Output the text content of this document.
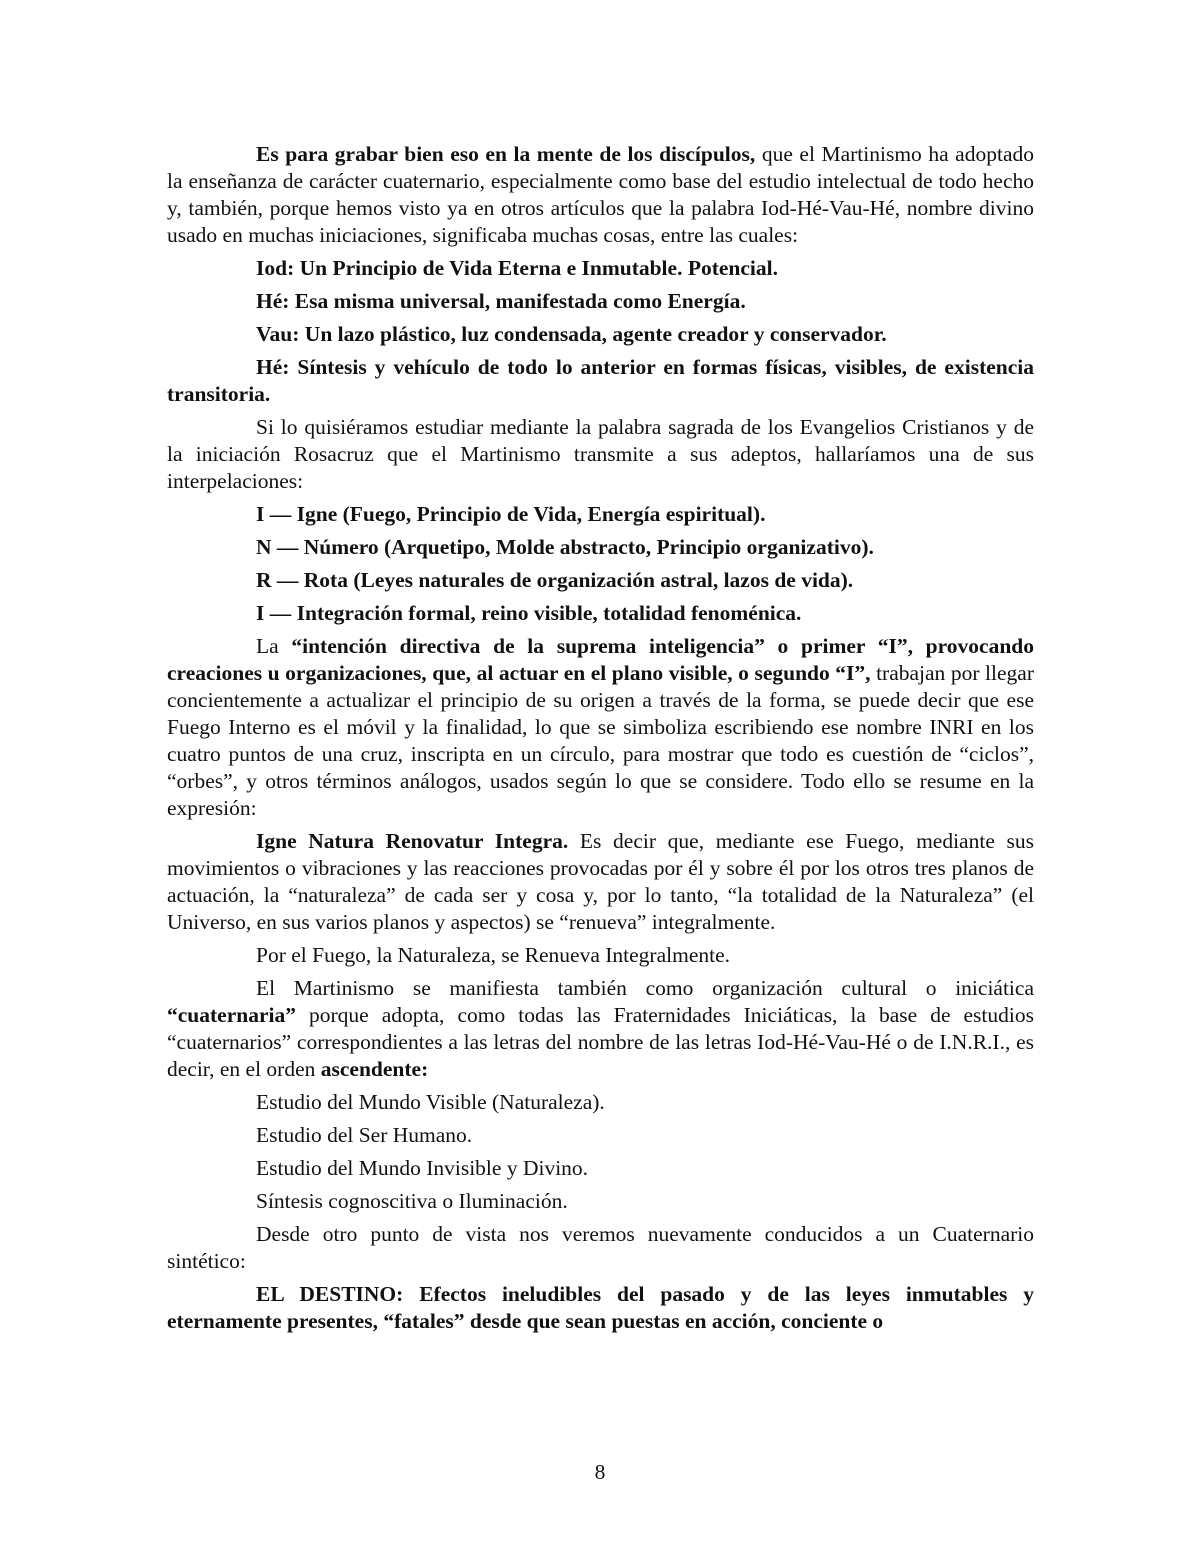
Es para grabar bien eso en la mente de los discípulos, que el Martinismo ha adoptado la enseñanza de carácter cuaternario, especialmente como base del estudio intelectual de todo hecho y, también, porque hemos visto ya en otros artículos que la palabra Iod-Hé-Vau-Hé, nombre divino usado en muchas iniciaciones, significaba muchas cosas, entre las cuales:

Iod: Un Principio de Vida Eterna e Inmutable. Potencial.

Hé: Esa misma universal, manifestada como Energía.

Vau: Un lazo plástico, luz condensada, agente creador y conservador.

Hé: Síntesis y vehículo de todo lo anterior en formas físicas, visibles, de existencia transitoria.

Si lo quisiéramos estudiar mediante la palabra sagrada de los Evangelios Cristianos y de la iniciación Rosacruz que el Martinismo transmite a sus adeptos, hallaríamos una de sus interpelaciones:

I — Igne (Fuego, Principio de Vida, Energía espiritual).

N — Número (Arquetipo, Molde abstracto, Principio organizativo).

R — Rota (Leyes naturales de organización astral, lazos de vida).

I — Integración formal, reino visible, totalidad fenoménica.

La “intención directiva de la suprema inteligencia” o primer “I”, provocando creaciones u organizaciones, que, al actuar en el plano visible, o segundo “I”, trabajan por llegar concientemente a actualizar el principio de su origen a través de la forma, se puede decir que ese Fuego Interno es el móvil y la finalidad, lo que se simboliza escribiendo ese nombre INRI en los cuatro puntos de una cruz, inscripta en un círculo, para mostrar que todo es cuestión de “ciclos”, “orbes”, y otros términos análogos, usados según lo que se considere. Todo ello se resume en la expresión:

Igne Natura Renovatur Integra. Es decir que, mediante ese Fuego, mediante sus movimientos o vibraciones y las reacciones provocadas por él y sobre él por los otros tres planos de actuación, la “naturaleza” de cada ser y cosa y, por lo tanto, “la totalidad de la Naturaleza” (el Universo, en sus varios planos y aspectos) se “renueva” integralmente.

Por el Fuego, la Naturaleza, se Renueva Integralmente.

El Martinismo se manifiesta también como organización cultural o iniciática “cuaternaria” porque adopta, como todas las Fraternidades Iniciáticas, la base de estudios “cuaternarios” correspondientes a las letras del nombre de las letras Iod-Hé-Vau-Hé o de I.N.R.I., es decir, en el orden ascendente:

Estudio del Mundo Visible (Naturaleza).

Estudio del Ser Humano.

Estudio del Mundo Invisible y Divino.

Síntesis cognoscitiva o Iluminación.

Desde otro punto de vista nos veremos nuevamente conducidos a un Cuaternario sintético:

EL DESTINO: Efectos ineludibles del pasado y de las leyes inmutables y eternamente presentes, “fatales” desde que sean puestas en acción, conciente o

8
